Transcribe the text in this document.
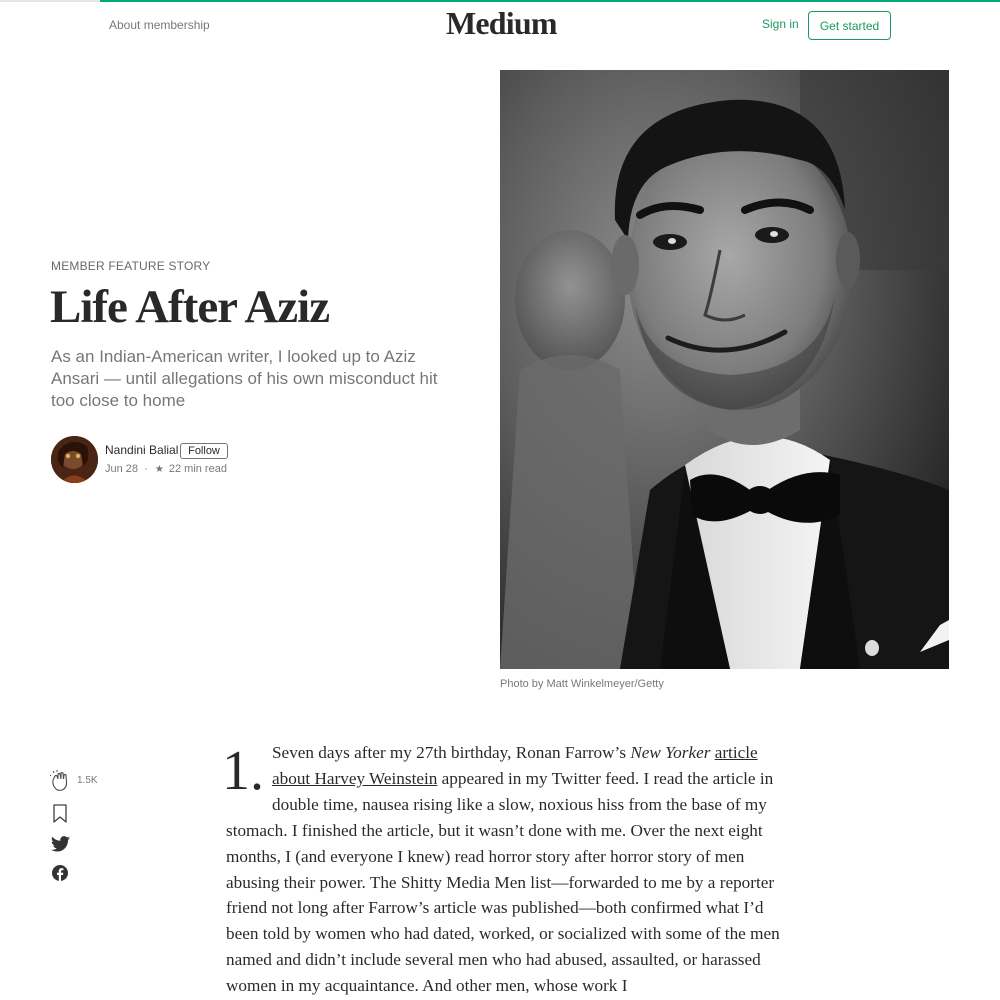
About membership	Medium	Sign in	Get started
Photo by Matt Winkelmeyer/Getty
MEMBER FEATURE STORY
Life After Aziz
As an Indian-American writer, I looked up to Aziz Ansari — until allegations of his own misconduct hit too close to home
Nandini Balial Follow
Jun 28 · ★ 22 min read
1.5K 1. Seven days after my 27th birthday, Ronan Farrow’s New Yorker article about Harvey Weinstein appeared in my Twitter feed. I read the article in double time, nausea rising like a slow, noxious hiss from the base of my stomach. I finished the article, but it wasn’t done with me. Over the next eight months, I (and everyone I knew) read horror story after horror story of men abusing their power. The Shitty Media Men list—forwarded to me by a reporter friend not long after Farrow’s article was published—both confirmed what I’d been told by women who had dated, worked, or socialized with some of the men named and didn’t include several men who had abused, assaulted, or harassed women in my acquaintance. And other men, whose work I
